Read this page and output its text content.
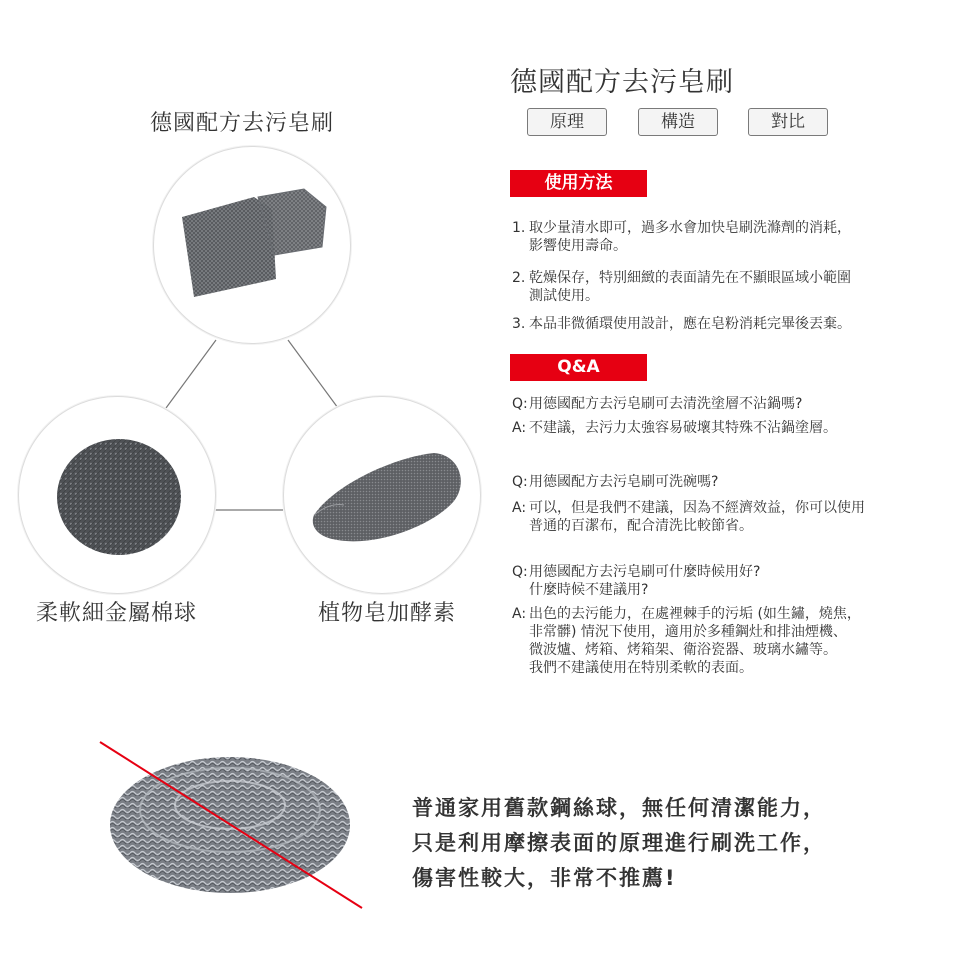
德國配方去污皂刷
柔軟細金屬棉球	植物皂加酵素
德國配方去污皂刷
原理	構造	對比
使用方法
1. 取少量清水即可，過多水會加快皂刷洗滌劑的消耗，
影響使用壽命。
2. 乾燥保存，特別細緻的表面請先在不顯眼區域小範圍
測試使用。
3. 本品非微循環使用設計，應在皂粉消耗完畢後丟棄。
Q&A
Q: 用德國配方去污皂刷可去清洗塗層不沾鍋嗎?
A: 不建議，去污力太強容易破壞其特殊不沾鍋塗層。
Q: 用德國配方去污皂刷可洗碗嗎?
A: 可以，但是我們不建議，因為不經濟效益，你可以使用
普通的百潔布，配合清洗比較節省。
Q: 用德國配方去污皂刷可什麼時候用好?
什麼時候不建議用?
A: 出色的去污能力，在處裡棘手的污垢 (如生鏽，燒焦，
非常髒) 情況下使用，適用於多種鋼灶和排油煙機、
微波爐、烤箱、烤箱架、衛浴瓷器、玻璃水鏽等。
我們不建議使用在特別柔軟的表面。
普通家用舊款鋼絲球，無任何清潔能力，
只是利用摩擦表面的原理進行刷洗工作，
傷害性較大，非常不推薦!
